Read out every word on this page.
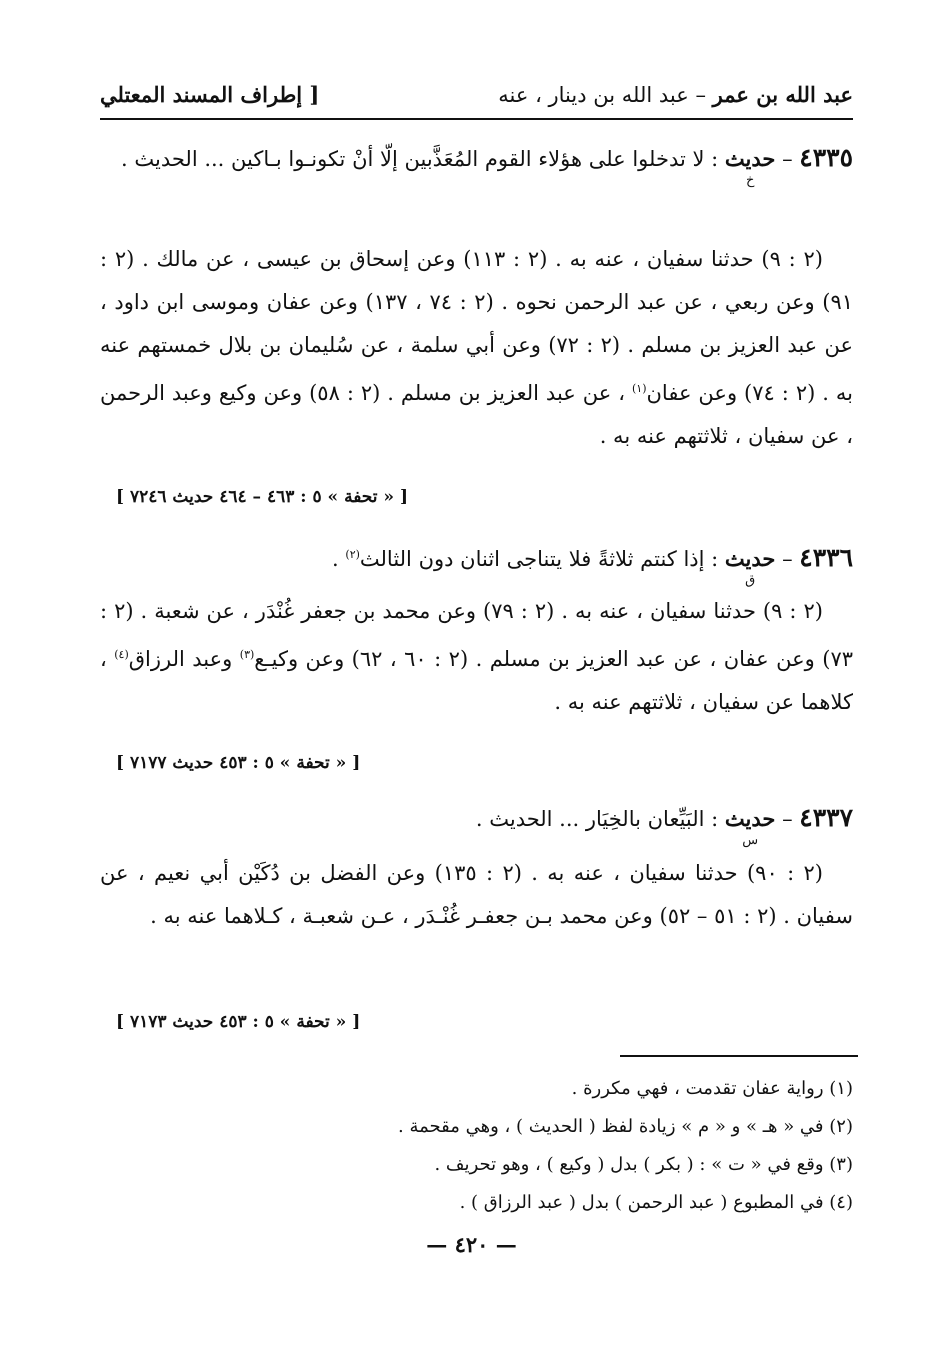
عبد الله بن عمر – عبد الله بن دينار ، عنه
[ إطراف المسند المعتلي
٤٣٣٥ – حديث
خ
: لا تدخلوا على هؤلاء القوم المُعَذَّبين إلّا أنْ تكونـوا بـاكين ... الحديث .
(٢ : ٩) حدثنا سفيان ، عنه به . (٢ : ١١٣) وعن إسحاق بن عيسى ، عن مالك . (٢ : ٩١) وعن ربعي ، عن عبد الرحمن نحوه . (٢ : ٧٤ ، ١٣٧) وعن عفان وموسى ابن داود ، عن عبد العزيز بن مسلم . (٢ : ٧٢) وعن أبي سلمة ، عن سُليمان بن بلال خمستهم عنه به . (٢ : ٧٤) وعن عفان$^{(١)}$ ، عن عبد العزيز بن مسلم . (٢ : ٥٨) وعن وكيع وعبد الرحمن ، عن سفيان ، ثلاثتهم عنه به .
[ « تحفة » ٥ : ٤٦٣ – ٤٦٤ حديث ٧٢٤٦ ]
٤٣٣٦ – حديث
ق
: إذا كنتم ثلاثةً فلا يتناجى اثنان دون الثالث$^{(٢)}$ .
(٢ : ٩) حدثنا سفيان ، عنه به . (٢ : ٧٩) وعن محمد بن جعفر غُنْدَر ، عن شعبة . (٢ : ٧٣) وعن عفان ، عن عبد العزيز بن مسلم . (٢ : ٦٠ ، ٦٢) وعن وكيـع$^{(٣)}$ وعبد الرزاق$^{(٤)}$ ، كلاهما عن سفيان ، ثلاثتهم عنه به .
[ « تحفة » ٥ : ٤٥٣ حديث ٧١٧٧ ]
٤٣٣٧ – حديث
س
: البَيِّعان بالخِيَار ... الحديث .
(٢ : ٩٠) حدثنا سفيان ، عنه به . (٢ : ١٣٥) وعن الفضل بن دُكَيْن أبي نعيم ، عن سفيان . (٢ : ٥١ – ٥٢) وعن محمد بـن جعفـر غُنْـدَر ، عـن شعبـة ، كـلاهما عنه به .
[ « تحفة » ٥ : ٤٥٣ حديث ٧١٧٣ ]
(١) رواية عفان تقدمت ، فهي مكررة .
(٢) في « هـ » و « م » زيادة لفظ ( الحديث ) ، وهي مقحمة .
(٣) وقع في « ت » : ( بكر ) بدل ( وكيع ) ، وهو تحريف .
(٤) في المطبوع ( عبد الرحمن ) بدل ( عبد الرزاق ) .
— ٤٢٠ —
